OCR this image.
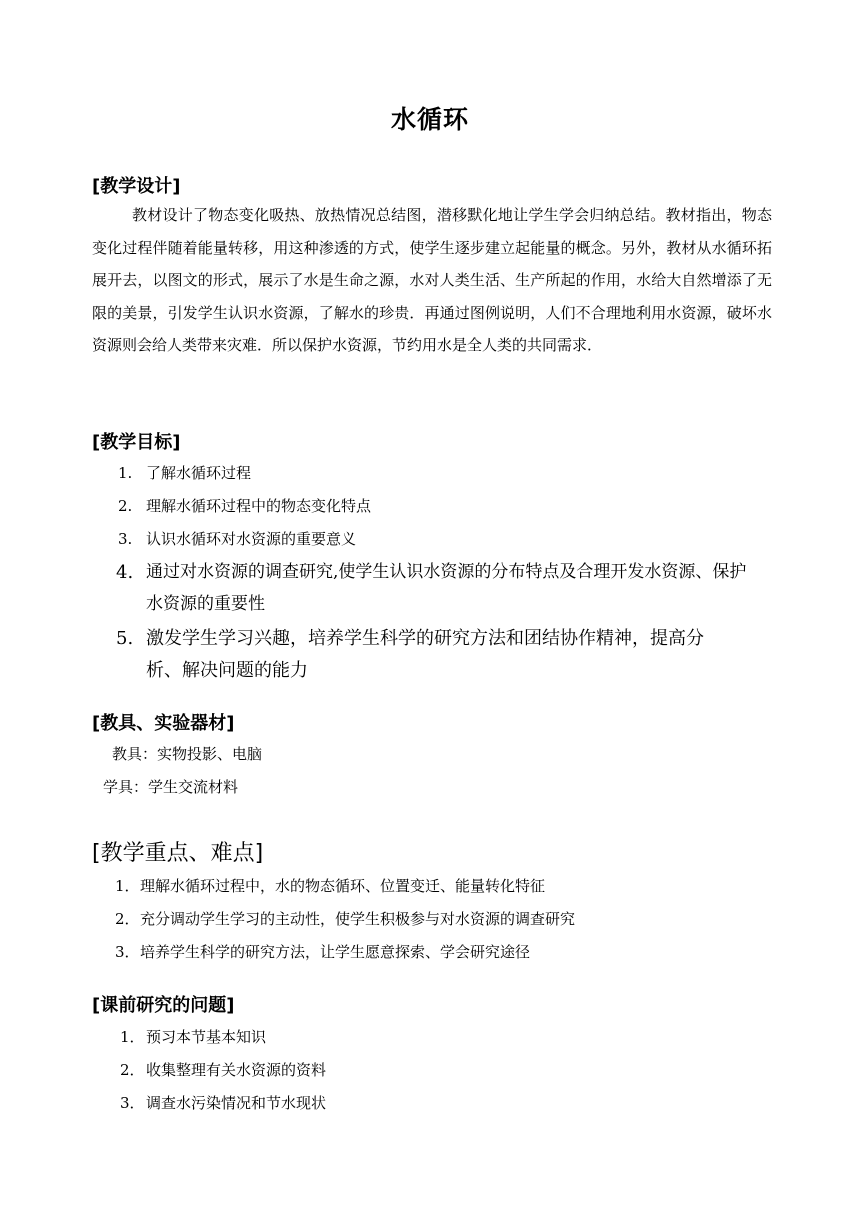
水循环
[教学设计]
教材设计了物态变化吸热、放热情况总结图，潜移默化地让学生学会归纳总结。教材指出，物态变化过程伴随着能量转移，用这种渗透的方式，使学生逐步建立起能量的概念。另外，教材从水循环拓展开去，以图文的形式，展示了水是生命之源，水对人类生活、生产所起的作用，水给大自然增添了无限的美景，引发学生认识水资源，了解水的珍贵．再通过图例说明，人们不合理地利用水资源，破坏水资源则会给人类带来灾难．所以保护水资源，节约用水是全人类的共同需求．
[教学目标]
1. 了解水循环过程
2. 理解水循环过程中的物态变化特点
3. 认识水循环对水资源的重要意义
4. 通过对水资源的调查研究,使学生认识水资源的分布特点及合理开发水资源、保护
水资源的重要性
5. 激发学生学习兴趣，培养学生科学的研究方法和团结协作精神，提高分
析、解决问题的能力
[教具、实验器材]
教具：实物投影、电脑
学具：学生交流材料
[教学重点、难点]
1． 理解水循环过程中，水的物态循环、位置变迁、能量转化特征
2． 充分调动学生学习的主动性，使学生积极参与对水资源的调查研究
3． 培养学生科学的研究方法，让学生愿意探索、学会研究途径
[课前研究的问题]
1． 预习本节基本知识
2． 收集整理有关水资源的资料
3． 调查水污染情况和节水现状
